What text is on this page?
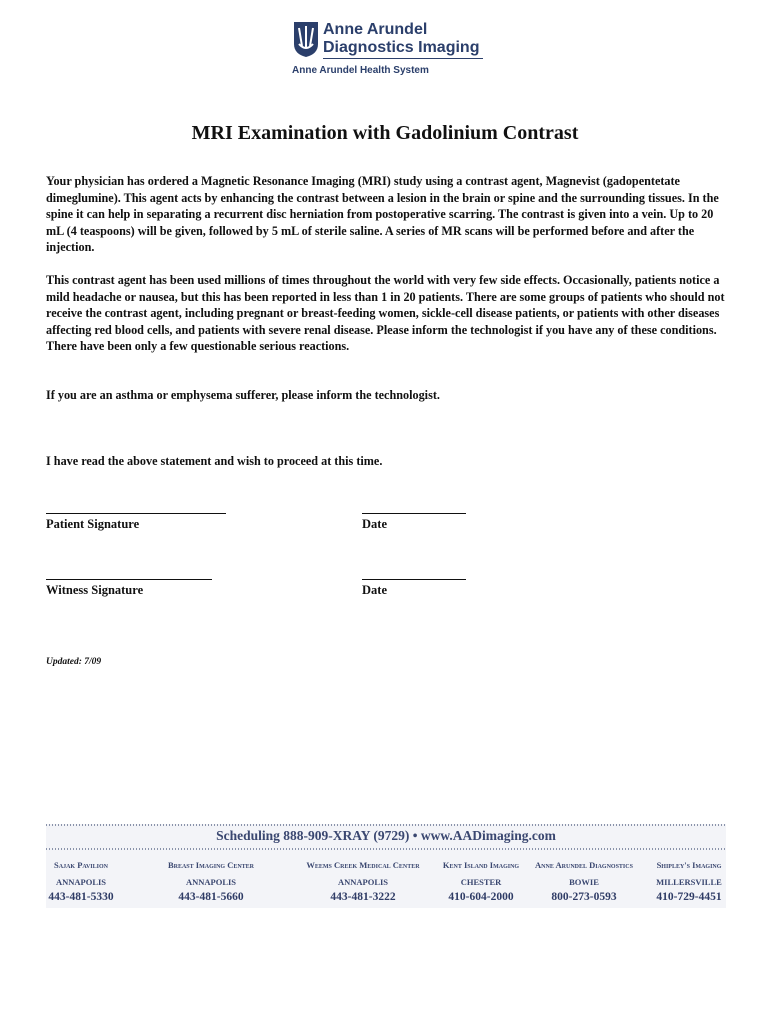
Anne Arundel
Diagnostics Imaging
Anne Arundel Health System
MRI Examination with Gadolinium Contrast

Your physician has ordered a Magnetic Resonance Imaging (MRI) study using a contrast agent, Magnevist (gadopentetate dimeglumine). This agent acts by enhancing the contrast between a lesion in the brain or spine and the surrounding tissues. In the spine it can help in separating a recurrent disc herniation from postoperative scarring. The contrast is given into a vein. Up to 20 mL (4 teaspoons) will be given, followed by 5 mL of sterile saline. A series of MR scans will be performed before and after the injection.

This contrast agent has been used millions of times throughout the world with very few side effects. Occasionally, patients notice a mild headache or nausea, but this has been reported in less than 1 in 20 patients. There are some groups of patients who should not receive the contrast agent, including pregnant or breast-feeding women, sickle-cell disease patients, or patients with other diseases affecting red blood cells, and patients with severe renal disease. Please inform the technologist if you have any of these conditions. There have been only a few questionable serious reactions.

If you are an asthma or emphysema sufferer, please inform the technologist.

I have read the above statement and wish to proceed at this time.

Patient Signature	Date
Witness Signature	Date
Updated: 7/09
Scheduling 888-909-XRAY (9729) • www.AADimaging.com
Sajak Pavilion
ANNAPOLIS
443-481-5330
Breast Imaging Center
ANNAPOLIS
443-481-5660
Weems Creek Medical Center
ANNAPOLIS
443-481-3222
Kent Island Imaging
CHESTER
410-604-2000
Anne Arundel Diagnostics
BOWIE
800-273-0593
Shipley's Imaging
MILLERSVILLE
410-729-4451
